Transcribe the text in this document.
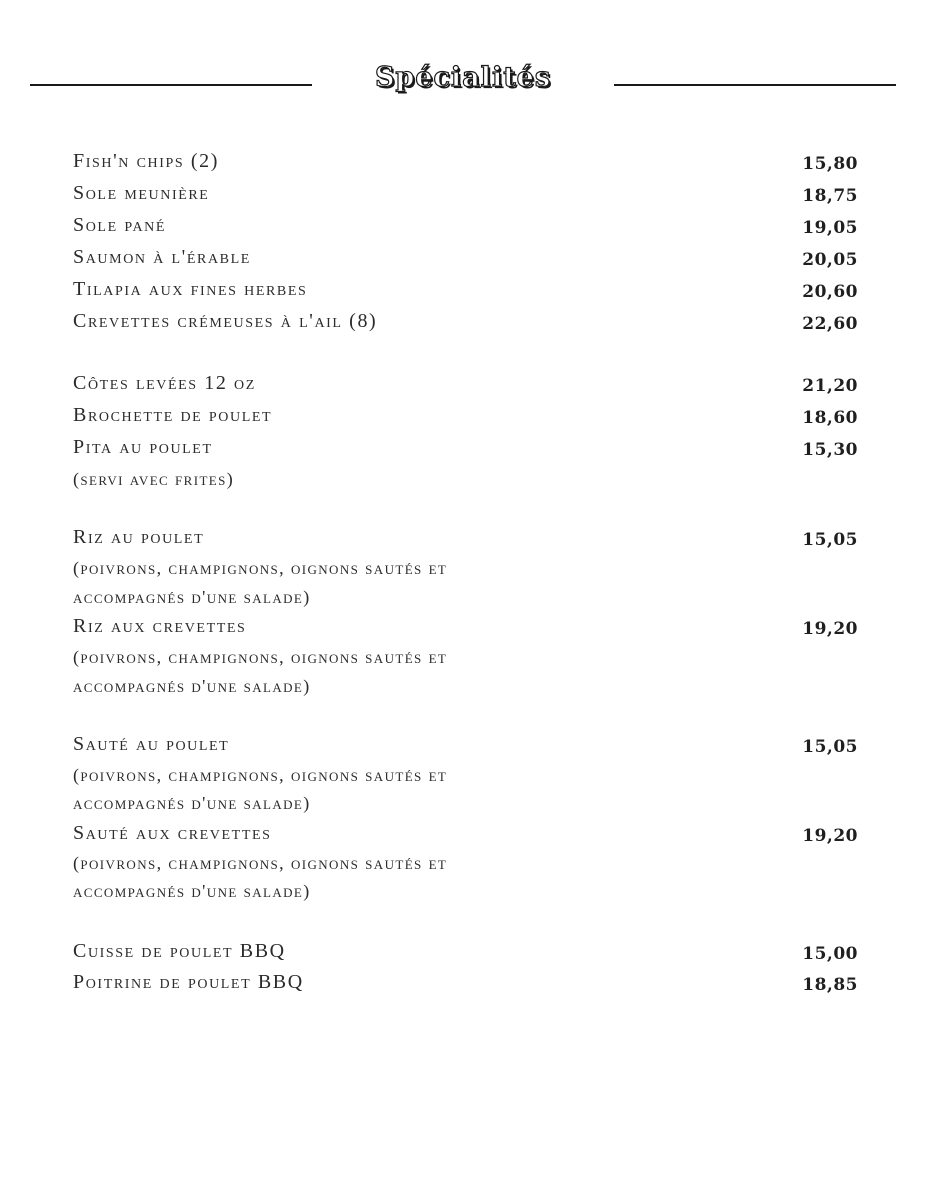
Spécialités
Fish'n chips (2)	15,80
Sole meunière	18,75
Sole pané	19,05
Saumon à l'érable	20,05
Tilapia aux fines herbes	20,60
Crevettes crémeuses à l'ail (8)	22,60
Côtes levées 12 oz	21,20
Brochette de poulet	18,60
Pita au poulet	15,30
(servi avec frites)
Riz au poulet	15,05
(poivrons, champignons, oignons sautés et
accompagnés d'une salade)
Riz aux crevettes	19,20
(poivrons, champignons, oignons sautés et
accompagnés d'une salade)
Sauté au poulet	15,05
(poivrons, champignons, oignons sautés et
accompagnés d'une salade)
Sauté aux crevettes	19,20
(poivrons, champignons, oignons sautés et
accompagnés d'une salade)
Cuisse de poulet BBQ	15,00
Poitrine de poulet BBQ	18,85
